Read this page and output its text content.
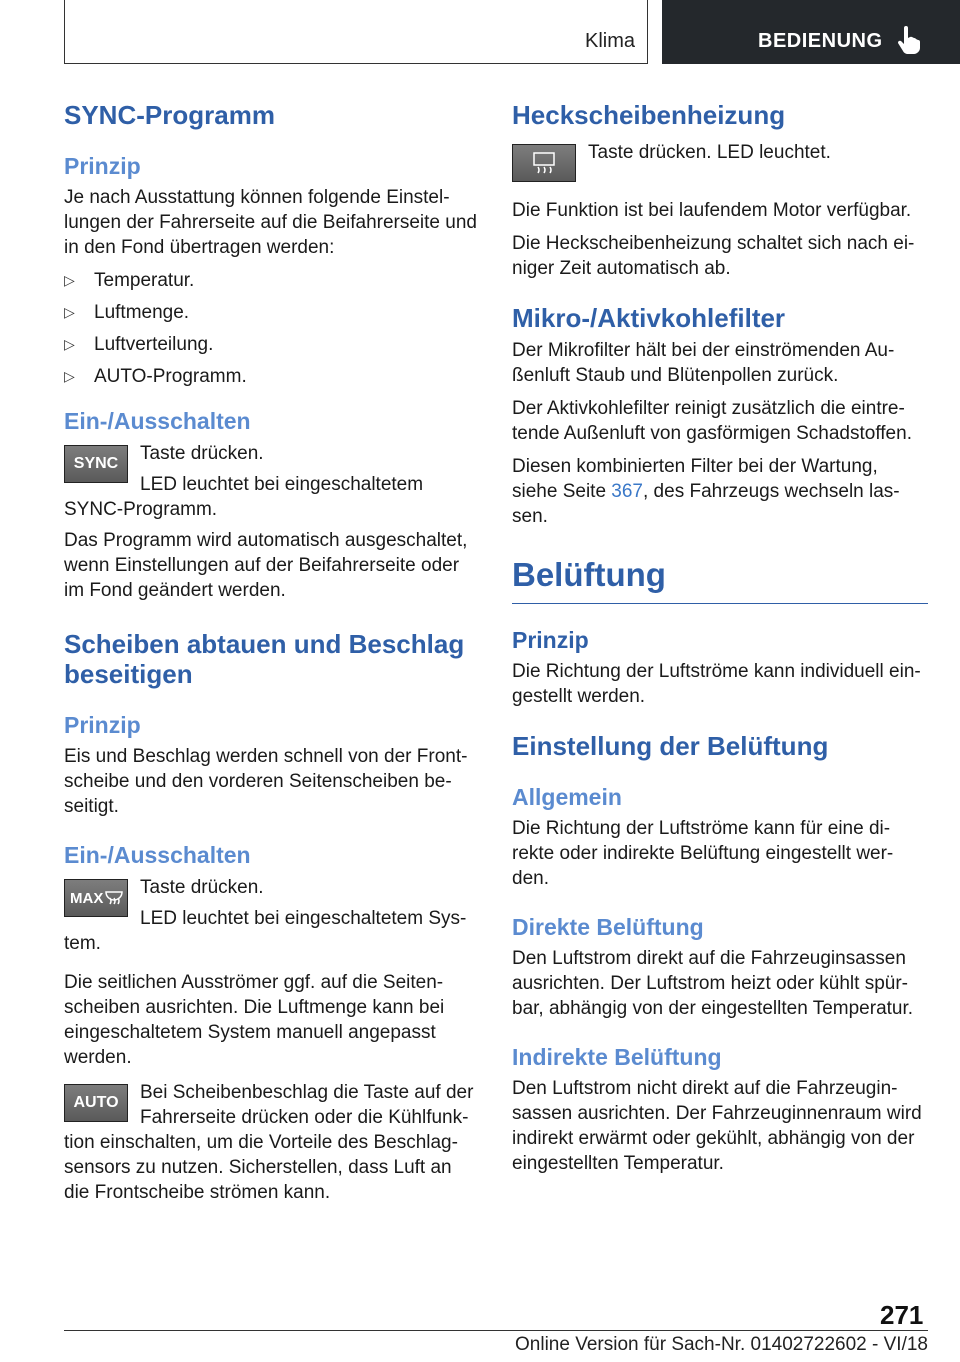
Klima	BEDIENUNG
SYNC-Programm
Prinzip

Je nach Ausstattung können folgende Einstel-lungen der Fahrerseite auf die Beifahrerseite und in den Fond übertragen werden:

▷ Temperatur.
▷ Luftmenge.
▷ Luftverteilung.
▷ AUTO-Programm.
Ein-/Ausschalten
SYNC	Taste drücken.

LED leuchtet bei eingeschaltetem SYNC-Programm.

Das Programm wird automatisch ausgeschaltet, wenn Einstellungen auf der Beifahrerseite oder im Fond geändert werden.

Scheiben abtauen und Beschlag beseitigen
Prinzip

Eis und Beschlag werden schnell von der Front-scheibe und den vorderen Seitenscheiben be-seitigt.

Ein-/Ausschalten
MAX

Taste drücken.

LED leuchtet bei eingeschaltetem Sys-tem.

Die seitlichen Ausströmer ggf. auf die Seiten-scheiben ausrichten. Die Luftmenge kann bei eingeschaltetem System manuell angepasst werden.

AUTO	Bei Scheibenbeschlag die Taste auf der Fahrerseite drücken oder die Kühlfunk-tion einschalten, um die Vorteile des Beschlag-sensors zu nutzen. Sicherstellen, dass Luft an die Frontscheibe strömen kann.

Heckscheibenheizung

Taste drücken. LED leuchtet.

Die Funktion ist bei laufendem Motor verfügbar.

Die Heckscheibenheizung schaltet sich nach ei-niger Zeit automatisch ab.

Mikro-/Aktivkohlefilter

Der Mikrofilter hält bei der einströmenden Au-ßenluft Staub und Blütenpollen zurück.

Der Aktivkohlefilter reinigt zusätzlich die eintre-tende Außenluft von gasförmigen Schadstoffen.

Diesen kombinierten Filter bei der Wartung, siehe Seite 367, des Fahrzeugs wechseln las-sen.

Belüftung
Prinzip

Die Richtung der Luftströme kann individuell ein-gestellt werden.

Einstellung der Belüftung
Allgemein

Die Richtung der Luftströme kann für eine di-rekte oder indirekte Belüftung eingestellt wer-den.

Direkte Belüftung

Den Luftstrom direkt auf die Fahrzeuginsassen ausrichten. Der Luftstrom heizt oder kühlt spür-bar, abhängig von der eingestellten Temperatur.

Indirekte Belüftung

Den Luftstrom nicht direkt auf die Fahrzeugin-sassen ausrichten. Der Fahrzeuginnenraum wird indirekt erwärmt oder gekühlt, abhängig von der eingestellten Temperatur.

271
Online Version für Sach-Nr. 01402722602 - VI/18
